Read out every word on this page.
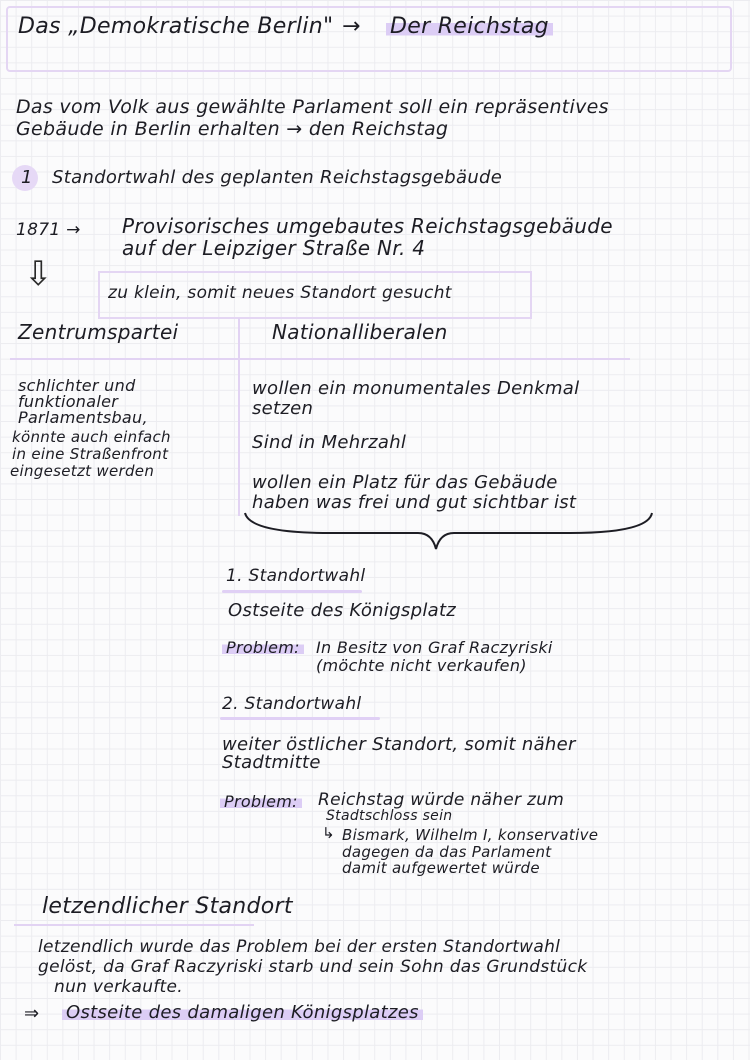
Das „Demokratische Berlin" → Der Reichstag
Das vom Volk aus gewählte Parlament soll ein repräsentives
Gebäude in Berlin erhalten → den Reichstag
1 Standortwahl des geplanten Reichstagsgebäude
1871 → Provisorisches umgebautes Reichstagsgebäude
auf der Leipziger Straße Nr. 4
⇩	zu klein, somit neues Standort gesucht
Zentrumspartei	Nationalliberalen
schlichter und
funktionaler
Parlamentsbau,
könnte auch einfach
in eine Straßenfront
eingesetzt werden
wollen ein monumentales Denkmal
setzen
Sind in Mehrzahl
wollen ein Platz für das Gebäude
haben was frei und gut sichtbar ist
1. Standortwahl
Ostseite des Königsplatz
Problem: In Besitz von Graf Raczyriski
(möchte nicht verkaufen)
2. Standortwahl
weiter östlicher Standort, somit näher
Stadtmitte
Problem: Reichstag würde näher zum
Stadtschloss sein
↳ Bismark, Wilhelm I, konservative
dagegen da das Parlament
damit aufgewertet würde
letzendlicher Standort
letzendlich wurde das Problem bei der ersten Standortwahl
gelöst, da Graf Raczyriski starb und sein Sohn das Grundstück
nun verkaufte.
⇒ Ostseite des damaligen Königsplatzes
